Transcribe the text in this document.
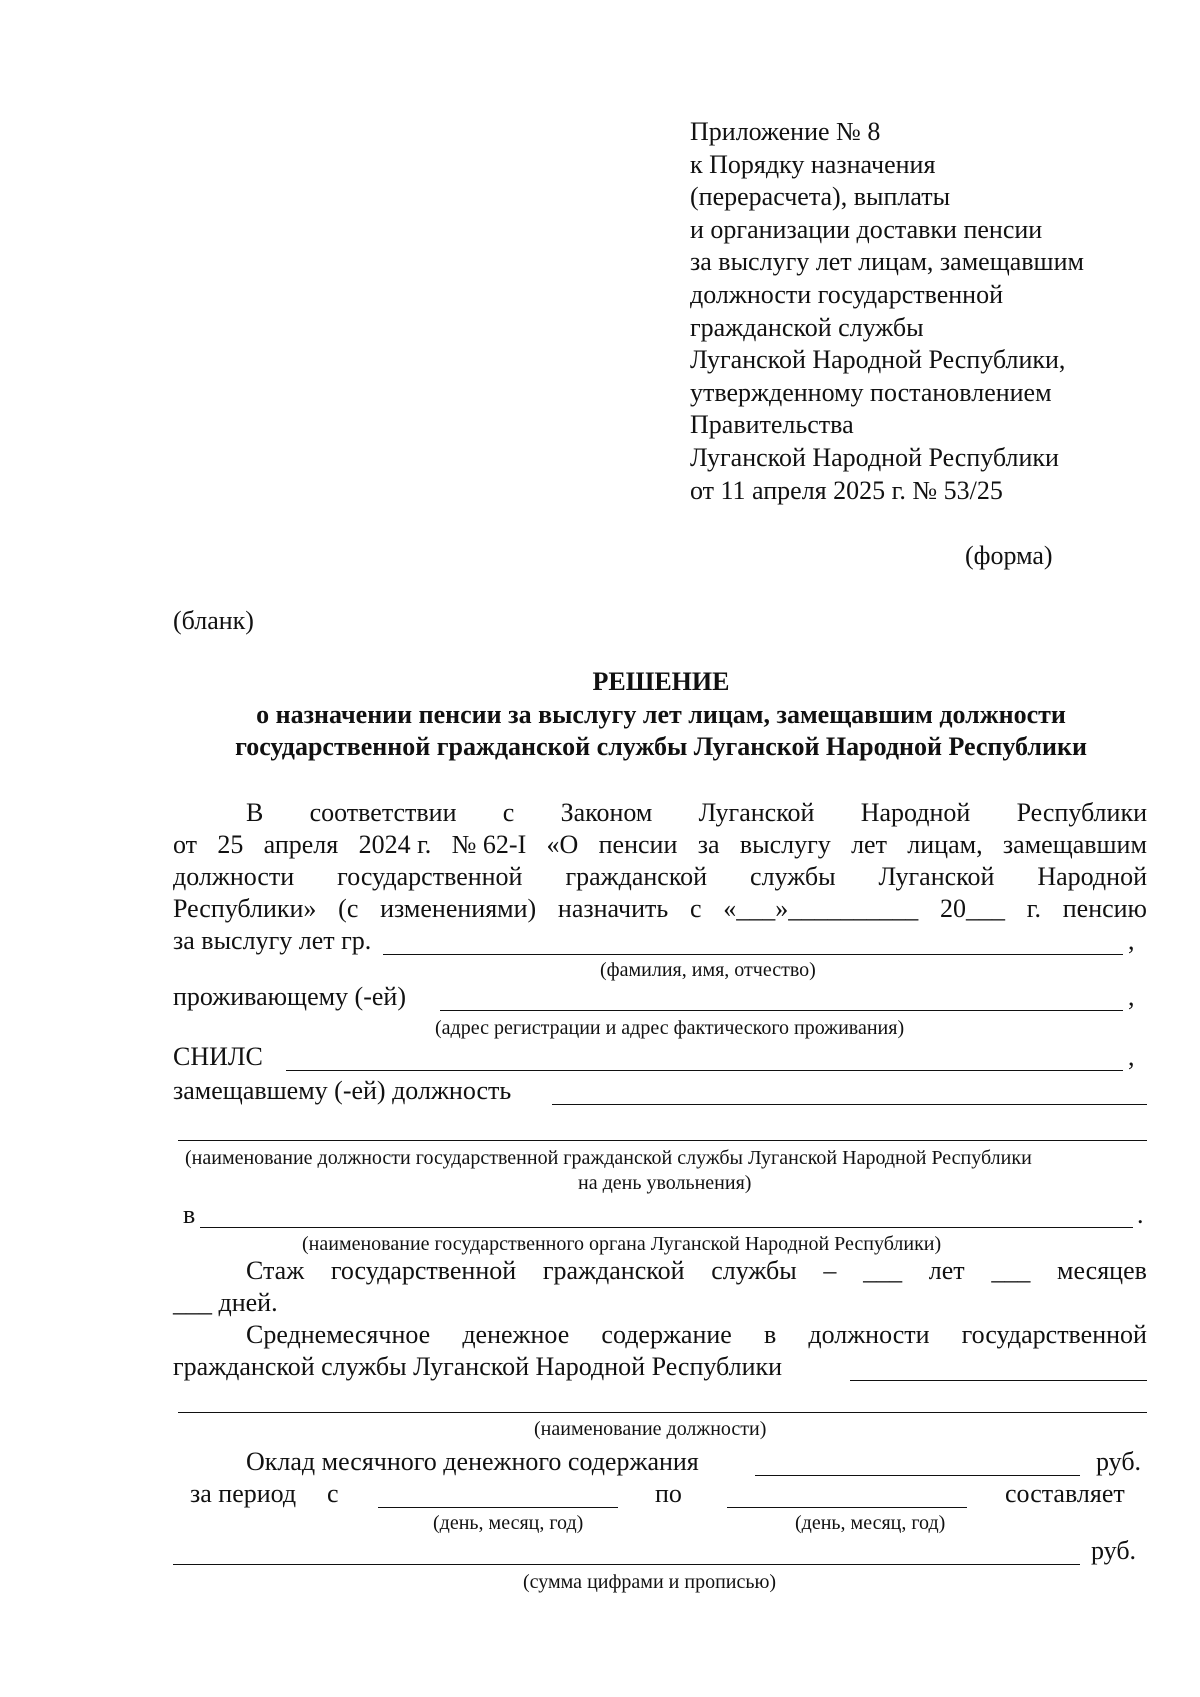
Приложение № 8
к Порядку назначения
(перерасчета), выплаты
и организации доставки пенсии
за выслугу лет лицам, замещавшим
должности государственной
гражданской службы
Луганской Народной Республики,
утвержденному постановлением
Правительства
Луганской Народной Республики
от 11 апреля 2025 г. № 53/25
(форма)
(бланк)
РЕШЕНИЕ
о назначении пенсии за выслугу лет лицам, замещавшим должности
государственной гражданской службы Луганской Народной Республики
В соответствии с Законом Луганской Народной Республики
от 25 апреля 2024 г. № 62-I «О пенсии за выслугу лет лицам, замещавшим
должности государственной гражданской службы Луганской Народной
Республики» (с изменениями) назначить с «___»__________ 20___ г. пенсию
за выслугу лет гр.	,
(фамилия, имя, отчество)
проживающему (-ей)	,
(адрес регистрации и адрес фактического проживания)
СНИЛС	,
замещавшему (-ей) должность
(наименование должности государственной гражданской службы Луганской Народной Республики
на день увольнения)
в	.
(наименование государственного органа Луганской Народной Республики)
Стаж государственной гражданской службы – ___ лет ___ месяцев
___ дней.
Среднемесячное денежное содержание в должности государственной
гражданской службы Луганской Народной Республики
(наименование должности)
Оклад месячного денежного содержания	руб.
за период с	по	составляет
(день, месяц, год)	(день, месяц, год)
руб.
(сумма цифрами и прописью)
